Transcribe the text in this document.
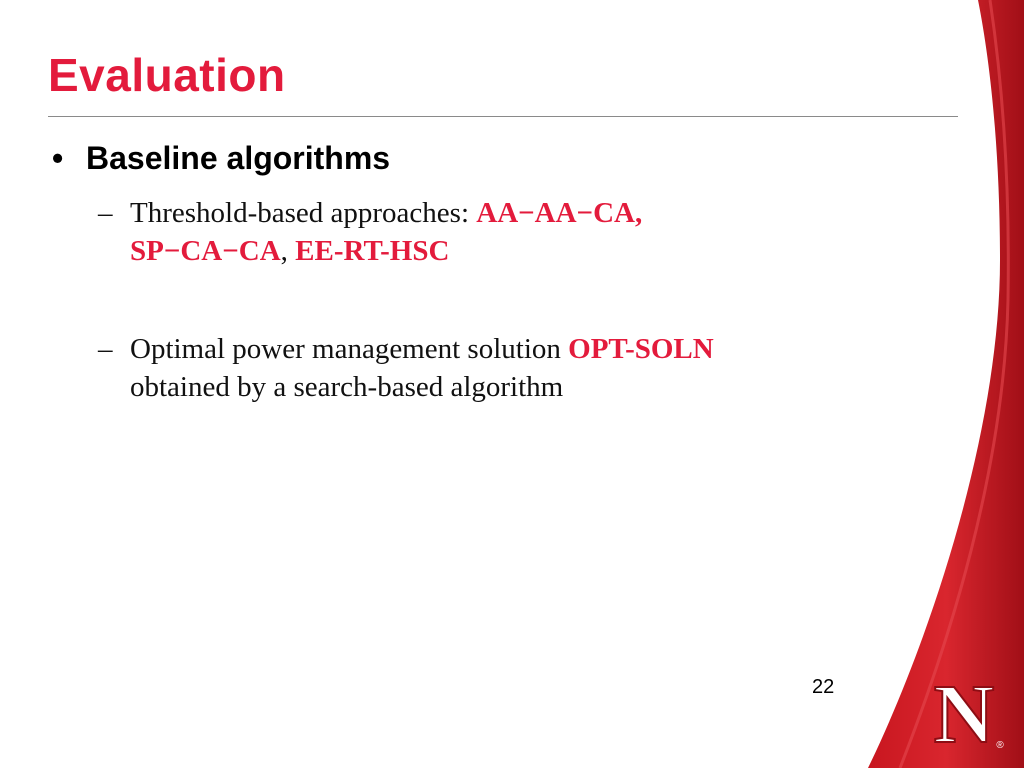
Evaluation
• Baseline algorithms
– Threshold-based approaches: AA−AA−CA,
SP−CA−CA, EE-RT-HSC
– Optimal power management solution OPT-SOLN
obtained by a search-based algorithm
22 N ®
